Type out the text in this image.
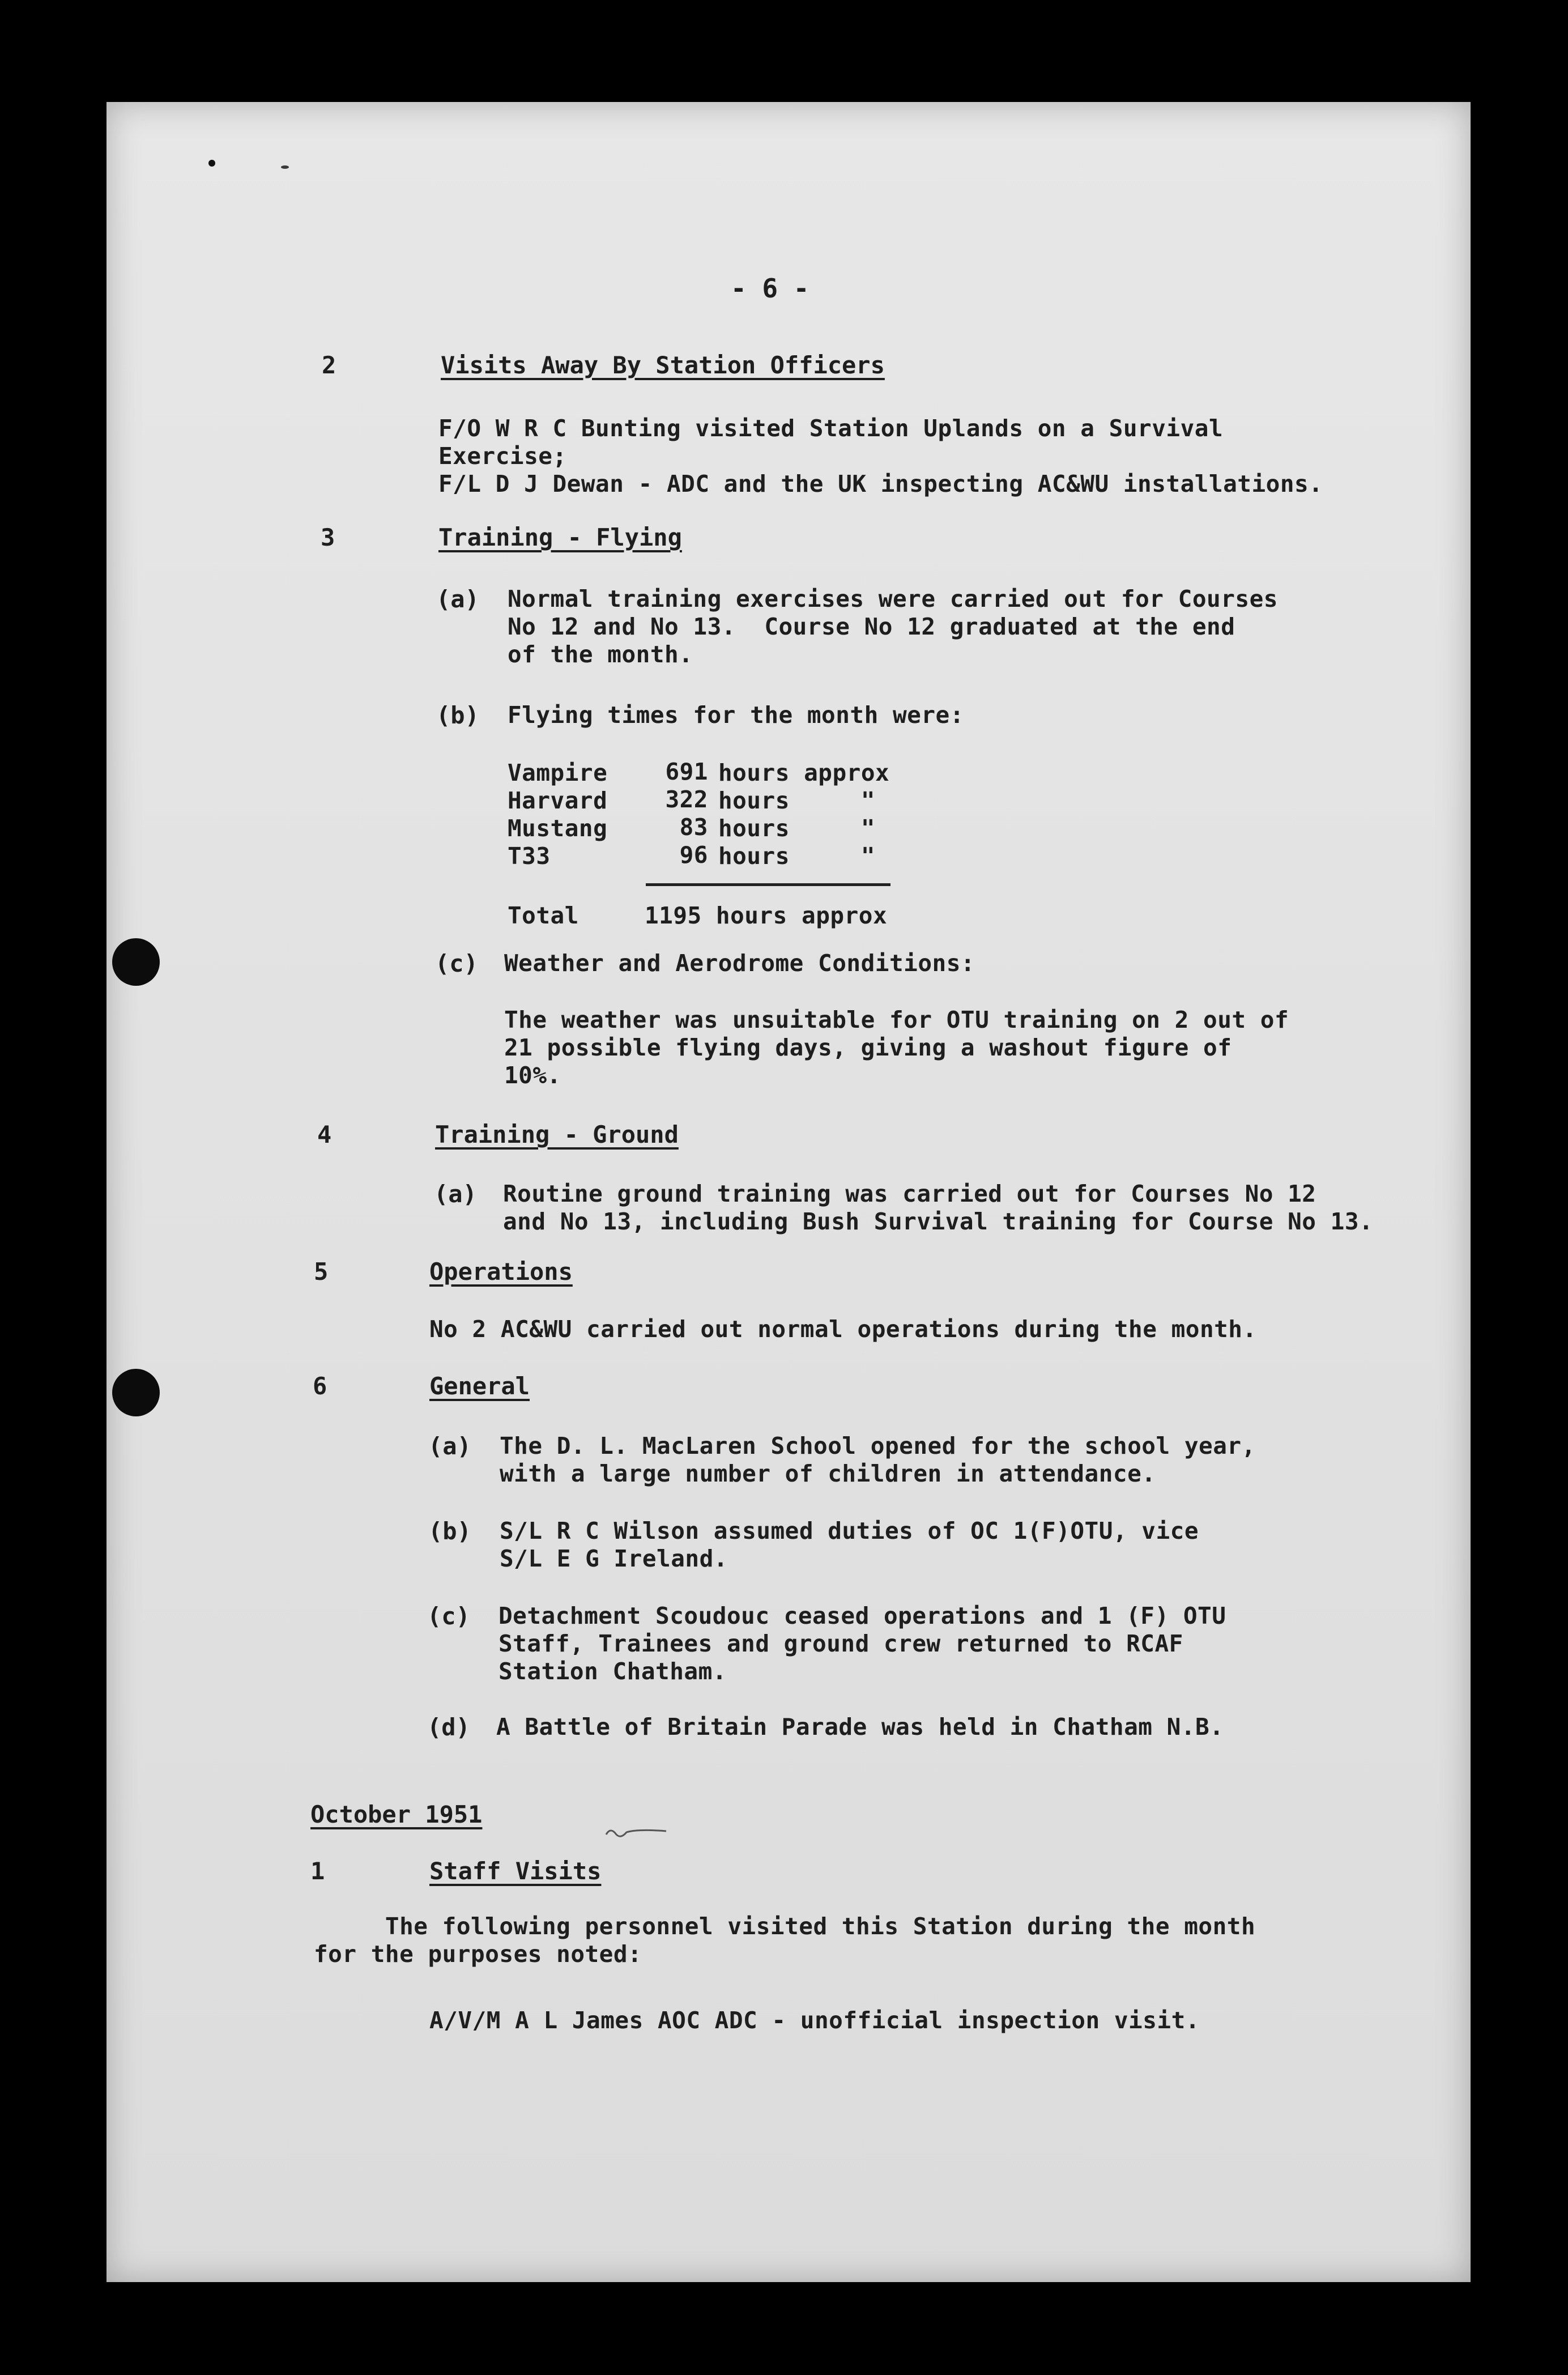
- 6 -
2	Visits Away By Station Officers
F/O W R C Bunting visited Station Uplands on a Survival
Exercise;
F/L D J Dewan - ADC and the UK inspecting AC&WU installations.
3	Training - Flying
(a) Normal training exercises were carried out for Courses
No 12 and No 13.  Course No 12 graduated at the end
of the month.
(b) Flying times for the month were:
Vampire 691 hours approx
Harvard 322 hours     "
Mustang	83 hours     "
T33	96 hours     "
Total	1195 hours approx
(c) Weather and Aerodrome Conditions:
The weather was unsuitable for OTU training on 2 out of
21 possible flying days, giving a washout figure of
10%.
4	Training - Ground
(a) Routine ground training was carried out for Courses No 12
and No 13, including Bush Survival training for Course No 13.
5	Operations
No 2 AC&WU carried out normal operations during the month.
6	General
(a) The D. L. MacLaren School opened for the school year,
with a large number of children in attendance.
(b) S/L R C Wilson assumed duties of OC 1(F)OTU, vice
S/L E G Ireland.
(c) Detachment Scoudouc ceased operations and 1 (F) OTU
Staff, Trainees and ground crew returned to RCAF
Station Chatham.
(d) A Battle of Britain Parade was held in Chatham N.B.
October 1951
1	Staff Visits
The following personnel visited this Station during the month
for the purposes noted:
A/V/M A L James AOC ADC - unofficial inspection visit.
